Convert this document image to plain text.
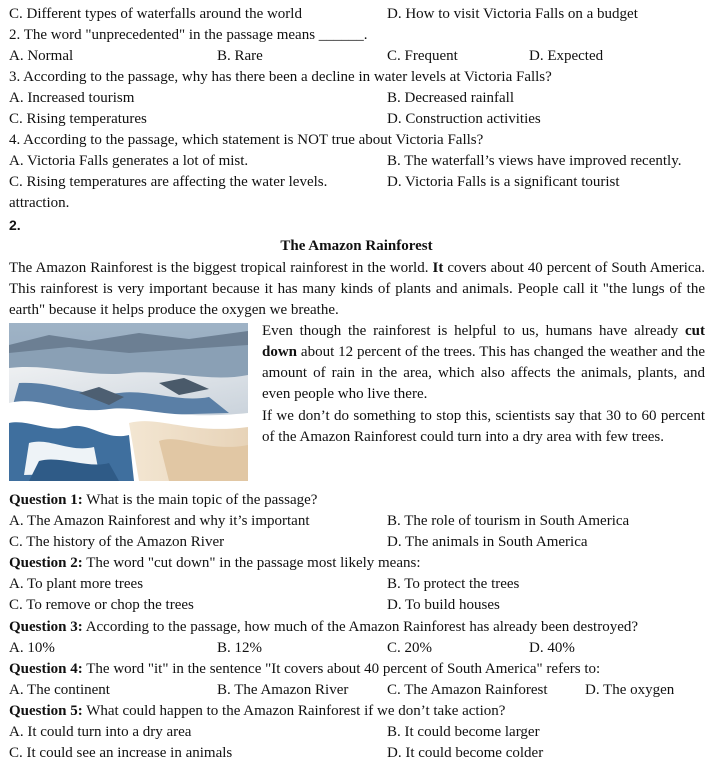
C. Different types of waterfalls around the world	D. How to visit Victoria Falls on a budget
2. The word "unprecedented" in the passage means ______.
A. Normal	B. Rare	C. Frequent	D. Expected
3. According to the passage, why has there been a decline in water levels at Victoria Falls?
A. Increased tourism	B. Decreased rainfall
C. Rising temperatures	D. Construction activities
4. According to the passage, which statement is NOT true about Victoria Falls?
A. Victoria Falls generates a lot of mist.	B. The waterfall’s views have improved recently.
C. Rising temperatures are affecting the water levels.	D. Victoria Falls is a significant tourist
attraction.
2.
The Amazon Rainforest
The Amazon Rainforest is the biggest tropical rainforest in the world. It covers about 40 percent of South America. This rainforest is very important because it has many kinds of plants and animals. People call it "the lungs of the earth" because it helps produce the oxygen we breathe.
Even though the rainforest is helpful to us, humans have already cut down about 12 percent of the trees. This has changed the weather and the amount of rain in the area, which also affects the animals, plants, and even people who live there.
If we don’t do something to stop this, scientists say that 30 to 60 percent of the Amazon Rainforest could turn into a dry area with few trees.
Question 1: What is the main topic of the passage?
A. The Amazon Rainforest and why it’s important	B. The role of tourism in South America
C. The history of the Amazon River	D. The animals in South America
Question 2: The word "cut down" in the passage most likely means:
A. To plant more trees	B. To protect the trees
C. To remove or chop the trees	D. To build houses
Question 3: According to the passage, how much of the Amazon Rainforest has already been destroyed?
A. 10%	B. 12%	C. 20%	D. 40%
Question 4: The word "it" in the sentence "It covers about 40 percent of South America" refers to:
A. The continent	B. The Amazon River	C. The Amazon Rainforest D. The oxygen
Question 5: What could happen to the Amazon Rainforest if we don’t take action?
A. It could turn into a dry area	B. It could become larger
C. It could see an increase in animals	D. It could become colder
